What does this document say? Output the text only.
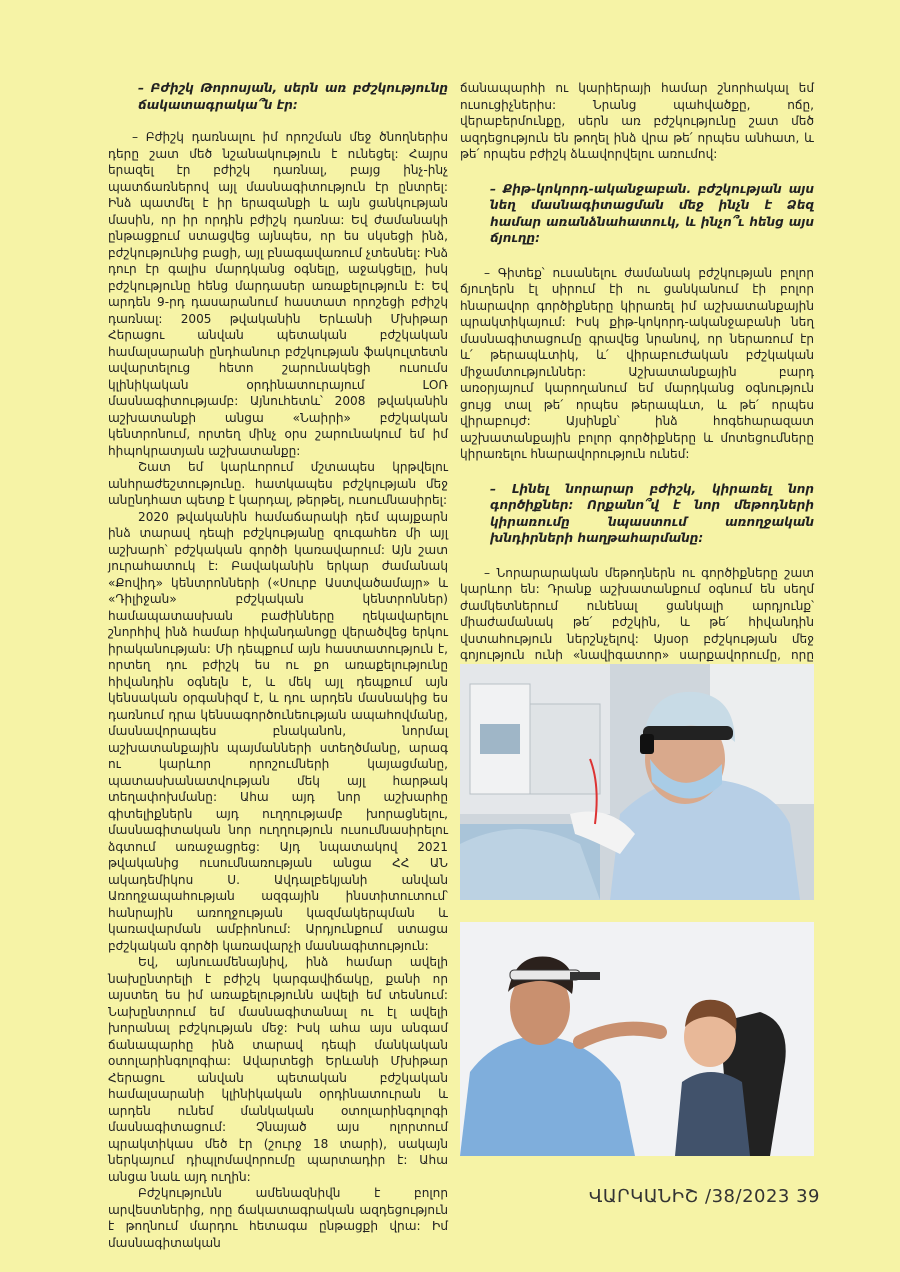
– Բժիշկ Թորոսյան, սերն առ բժշկությունը ճակատագրակա՞ն էր:

– Բժիշկ դառնալու իմ որոշման մեջ ծնողներիս դերը շատ մեծ նշանակություն է ունեցել: Հայրս երազել էր բժիշկ դառնալ, բայց ինչ-ինչ պատճառներով այլ մասնագիտություն էր ընտրել: Ինձ պատմել է իր երազանքի և այն ցանկության մասին, որ իր որդին բժիշկ դառնա: Եվ ժամանակի ընթացքում ստացվեց այնպես, որ ես սկսեցի ինձ, բժշկությունից բացի, այլ բնագավառում չտեսնել: Ինձ դուր էր գալիս մարդկանց օգնելը, աջակցելը, իսկ բժշկությունը հենց մարդասեր առաքելություն է: Եվ արդեն 9-րդ դասարանում հաստատ որոշեցի բժիշկ դառնալ: 2005 թվականին Երևանի Մխիթար Հերացու անվան պետական բժշկական համալսարանի ընդհանուր բժշկության ֆակուլտետն ավարտելուց հետո շարունակեցի ուսումս կլինիկական օրդինատուրայում ԼՕՌ մասնագիտությամբ: Այնուհետև՝ 2008 թվականին աշխատանքի անցա «Նաիրի» բժշկական կենտրոնում, որտեղ մինչ օրս շարունակում եմ իմ հիպոկրատյան աշխատանքը:

Շատ եմ կարևորում մշտապես կրթվելու անհրաժեշտությունը. հատկապես բժշկության մեջ անընդհատ պետք է կարդալ, թերթել, ուսումնասիրել:

2020 թվականին համաճարակի դեմ պայքարն ինձ տարավ դեպի բժշկությանը զուգահեռ մի այլ աշխարհ՝ բժշկական գործի կառավարում: Այն շատ յուրահատուկ է: Բավականին երկար ժամանակ «Քովիդ» կենտրոնների («Սուրբ Աստվածամայր» և «Դիլիջան» բժշկական կենտրոններ) համապատասխան բաժինները ղեկավարելու շնորհիվ ինձ համար հիվանդանոցը վերածվեց երկու իրականության: Մի դեպքում այն հաստատություն է, որտեղ դու բժիշկ ես ու քո առաքելությունը հիվանդին օգնելն է, և մեկ այլ դեպքում այն կենսական օրգանիզմ է, և դու արդեն մասնակից ես դառնում դրա կենսագործունեության ապահովմանը, մասնավորապես բնականոն, նորմալ աշխատանքային պայմանների ստեղծմանը, արագ ու կարևոր որոշումների կայացմանը, պատասխանատվության մեկ այլ հարթակ տեղափոխմանը: Ահա այդ նոր աշխարհը գիտելիքներն այդ ուղղությամբ խորացնելու, մասնագիտական նոր ուղղություն ուսումնասիրելու ձգտում առաջացրեց: Այդ նպատակով 2021 թվականից ուսումնառության անցա ՀՀ ԱՆ ակադեմիկոս Ս. Ավդալբեկյանի անվան Առողջապահության ազգային ինստիտուտում՝ հանրային առողջության կազմակերպման և կառավարման ամբիոնում: Արդյունքում ստացա բժշկական գործի կառավարչի մասնագիտություն:

Եվ, այնուամենայնիվ, ինձ համար ավելի նախընտրելի է բժիշկ կարգավիճակը, քանի որ այստեղ ես իմ առաքելությունն ավելի եմ տեսնում: Նախընտրում եմ մասնագիտանալ ու էլ ավելի խորանալ բժշկության մեջ: Իսկ ահա այս անգամ ճանապարհը ինձ տարավ դեպի մանկական օտոլարինգոլոգիա: Ավարտեցի Երևանի Մխիթար Հերացու անվան պետական բժշկական համալսարանի կլինիկական օրդինատուրան և արդեն ունեմ մանկական օտոլարինգոլոգի մասնագիտացում: Չնայած այս ոլորտում պրակտիկաս մեծ էր (շուրջ 18 տարի), սակայն ներկայում դիպլոմավորումը պարտադիր է: Ահա անցա նաև այդ ուղին:

Բժշկությունն ամենազնիվն է բոլոր արվեստներից, որը ճակատագրական ազդեցություն է թողնում մարդու հետագա ընթացքի վրա: Իմ մասնագիտական

ճանապարհի ու կարիերայի համար շնորհակալ եմ ուսուցիչներիս: Նրանց պահվածքը, ոճը, վերաբերմունքը, սերն առ բժշկությունը շատ մեծ ազդեցություն են թողել ինձ վրա թե՛ որպես անհատ, և թե՛ որպես բժիշկ ձևավորվելու առումով:

– Քիթ-կոկորդ-ականջաբան. բժշկության այս նեղ մասնագիտացման մեջ ինչն է Ձեզ համար առանձնահատուկ, և ինչո՞ւ հենց այս ճյուղը:

– Գիտեք՝ ուսանելու ժամանակ բժշկության բոլոր ճյուղերն էլ սիրում էի ու ցանկանում էի բոլոր հնարավոր գործիքները կիրառել իմ աշխատանքային պրակտիկայում: Իսկ քիթ-կոկորդ-ականջաբանի նեղ մասնագիտացումը գրավեց նրանով, որ ներառում էր և՛ թերապևտիկ, և՛ վիրաբուժական բժշկական միջամտություններ: Աշխատանքային բարդ առօրյայում կարողանում եմ մարդկանց օգնություն ցույց տալ թե՛ որպես թերապևտ, և թե՛ որպես վիրաբույժ: Այսինքն՝ ինձ հոգեհարազատ աշխատանքային բոլոր գործիքները և մոտեցումները կիրառելու հնարավորություն ունեմ:

– Լինել նորարար բժիշկ, կիրառել նոր գործիքներ: Որքանո՞վ է նոր մեթոդների կիրառումը նպաստում առողջական խնդիրների հաղթահարմանը:

– Նորարարական մեթոդներն ու գործիքները շատ կարևոր են: Դրանք աշխատանքում օգնում են սեղմ ժամկետներում ունենալ ցանկալի արդյունք՝ միաժամանակ թե՛ բժշկին, և թե՛ հիվանդին վստահություն ներշնչելով: Այսօր բժշկության մեջ գոյություն ունի «նավիգատոր» սարքավորումը, որը

ՎԱՐԿԱՆԻՇ /38/2023 39
